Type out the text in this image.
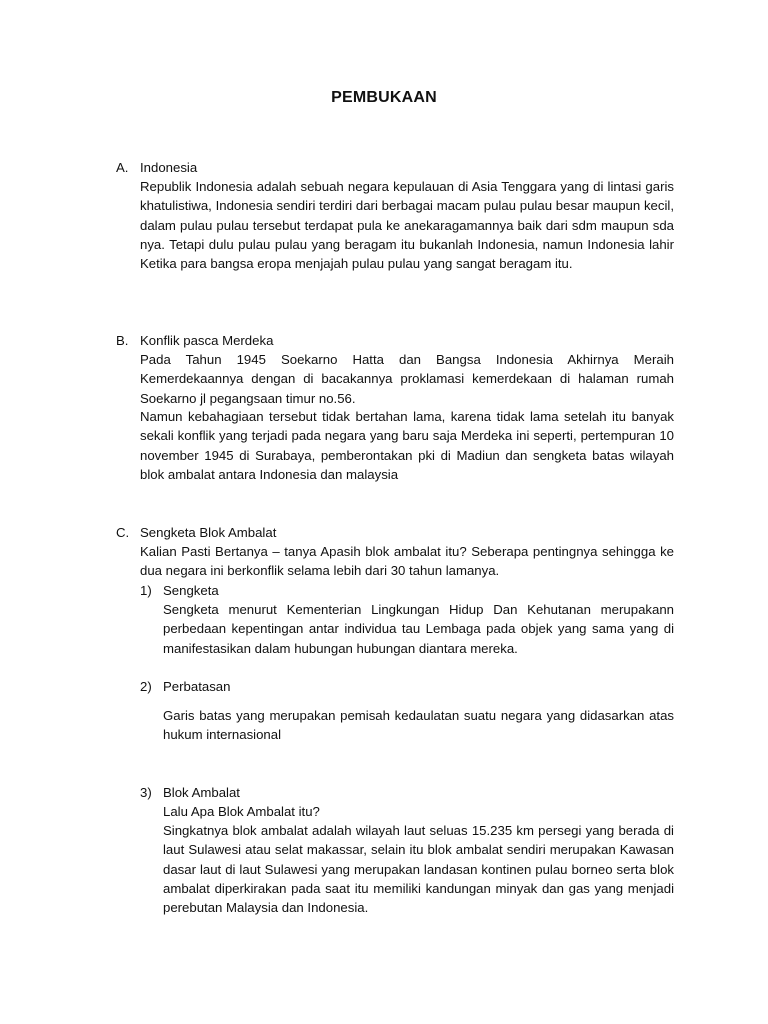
PEMBUKAAN
A. Indonesia

Republik Indonesia adalah sebuah negara kepulauan di Asia Tenggara yang di lintasi garis khatulistiwa, Indonesia sendiri terdiri dari berbagai macam pulau pulau besar maupun kecil, dalam pulau pulau tersebut terdapat pula ke anekaragamannya baik dari sdm maupun sda nya. Tetapi dulu pulau pulau yang beragam itu bukanlah Indonesia, namun Indonesia lahir Ketika para bangsa eropa menjajah pulau pulau yang sangat beragam itu.

B. Konflik pasca Merdeka

Pada Tahun 1945 Soekarno Hatta dan Bangsa Indonesia Akhirnya Meraih Kemerdekaannya dengan di bacakannya proklamasi kemerdekaan di halaman rumah Soekarno jl pegangsaan timur no.56.

Namun kebahagiaan tersebut tidak bertahan lama, karena tidak lama setelah itu banyak sekali konflik yang terjadi pada negara yang baru saja Merdeka ini seperti, pertempuran 10 november 1945 di Surabaya, pemberontakan pki di Madiun dan sengketa batas wilayah blok ambalat antara Indonesia dan malaysia

C. Sengketa Blok Ambalat

Kalian Pasti Bertanya – tanya Apasih blok ambalat itu? Seberapa pentingnya sehingga ke dua negara ini berkonflik selama lebih dari 30 tahun lamanya.

1) Sengketa

Sengketa menurut Kementerian Lingkungan Hidup Dan Kehutanan merupakann perbedaan kepentingan antar individua tau Lembaga pada objek yang sama yang di manifestasikan dalam hubungan hubungan diantara mereka.

2) Perbatasan

Garis batas yang merupakan pemisah kedaulatan suatu negara yang didasarkan atas hukum internasional

3) Blok Ambalat

Lalu Apa Blok Ambalat itu?

Singkatnya blok ambalat adalah wilayah laut seluas 15.235 km persegi yang berada di laut Sulawesi atau selat makassar, selain itu blok ambalat sendiri merupakan Kawasan dasar laut di laut Sulawesi yang merupakan landasan kontinen pulau borneo serta blok ambalat diperkirakan pada saat itu memiliki kandungan minyak dan gas yang menjadi perebutan Malaysia dan Indonesia.
